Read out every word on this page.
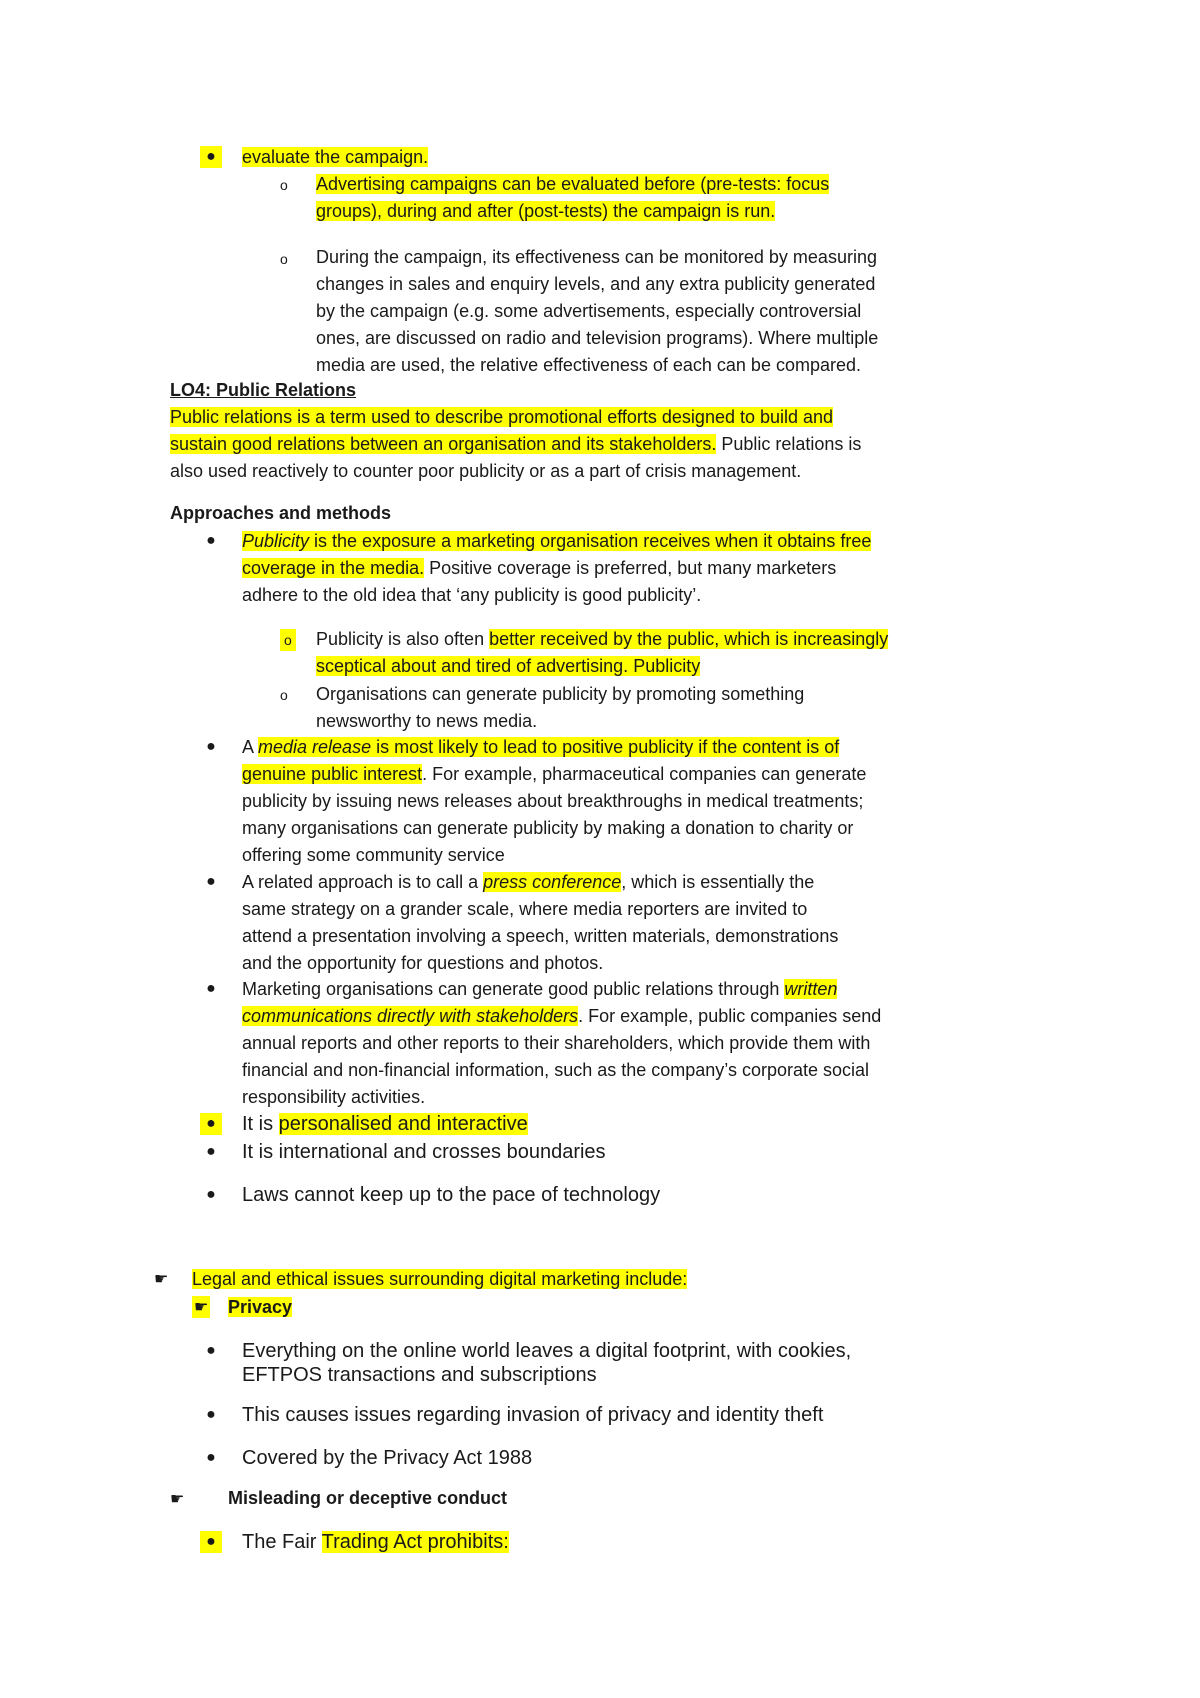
●	evaluate the campaign.
o Advertising campaigns can be evaluated before (pre-tests: focus
groups), during and after (post-tests) the campaign is run.
o During the campaign, its effectiveness can be monitored by measuring
changes in sales and enquiry levels, and any extra publicity generated
by the campaign (e.g. some advertisements, especially controversial
ones, are discussed on radio and television programs). Where multiple
media are used, the relative effectiveness of each can be compared.
LO4: Public Relations
Public relations is a term used to describe promotional efforts designed to build and
sustain good relations between an organisation and its stakeholders. Public relations is
also used reactively to counter poor publicity or as a part of crisis management.
Approaches and methods
●	Publicity is the exposure a marketing organisation receives when it obtains free
coverage in the media. Positive coverage is preferred, but many marketers
adhere to the old idea that ‘any publicity is good publicity’.
o Publicity is also often better received by the public, which is increasingly
sceptical about and tired of advertising. Publicity
o Organisations can generate publicity by promoting something
newsworthy to news media.
●	A media release is most likely to lead to positive publicity if the content is of
genuine public interest. For example, pharmaceutical companies can generate
publicity by issuing news releases about breakthroughs in medical treatments;
many organisations can generate publicity by making a donation to charity or
offering some community service
●	A related approach is to call a press conference, which is essentially the
same strategy on a grander scale, where media reporters are invited to
attend a presentation involving a speech, written materials, demonstrations
and the opportunity for questions and photos.
●	Marketing organisations can generate good public relations through written
communications directly with stakeholders. For example, public companies send
annual reports and other reports to their shareholders, which provide them with
financial and non-financial information, such as the company’s corporate social
responsibility activities.
●	It is personalised and interactive
●	It is international and crosses boundaries
●	Laws cannot keep up to the pace of technology
☛ Legal and ethical issues surrounding digital marketing include:
☛ Privacy
●	Everything on the online world leaves a digital footprint, with cookies,
EFTPOS transactions and subscriptions
●	This causes issues regarding invasion of privacy and identity theft
●	Covered by the Privacy Act 1988
☛ Misleading or deceptive conduct
●	The Fair Trading Act prohibits:
